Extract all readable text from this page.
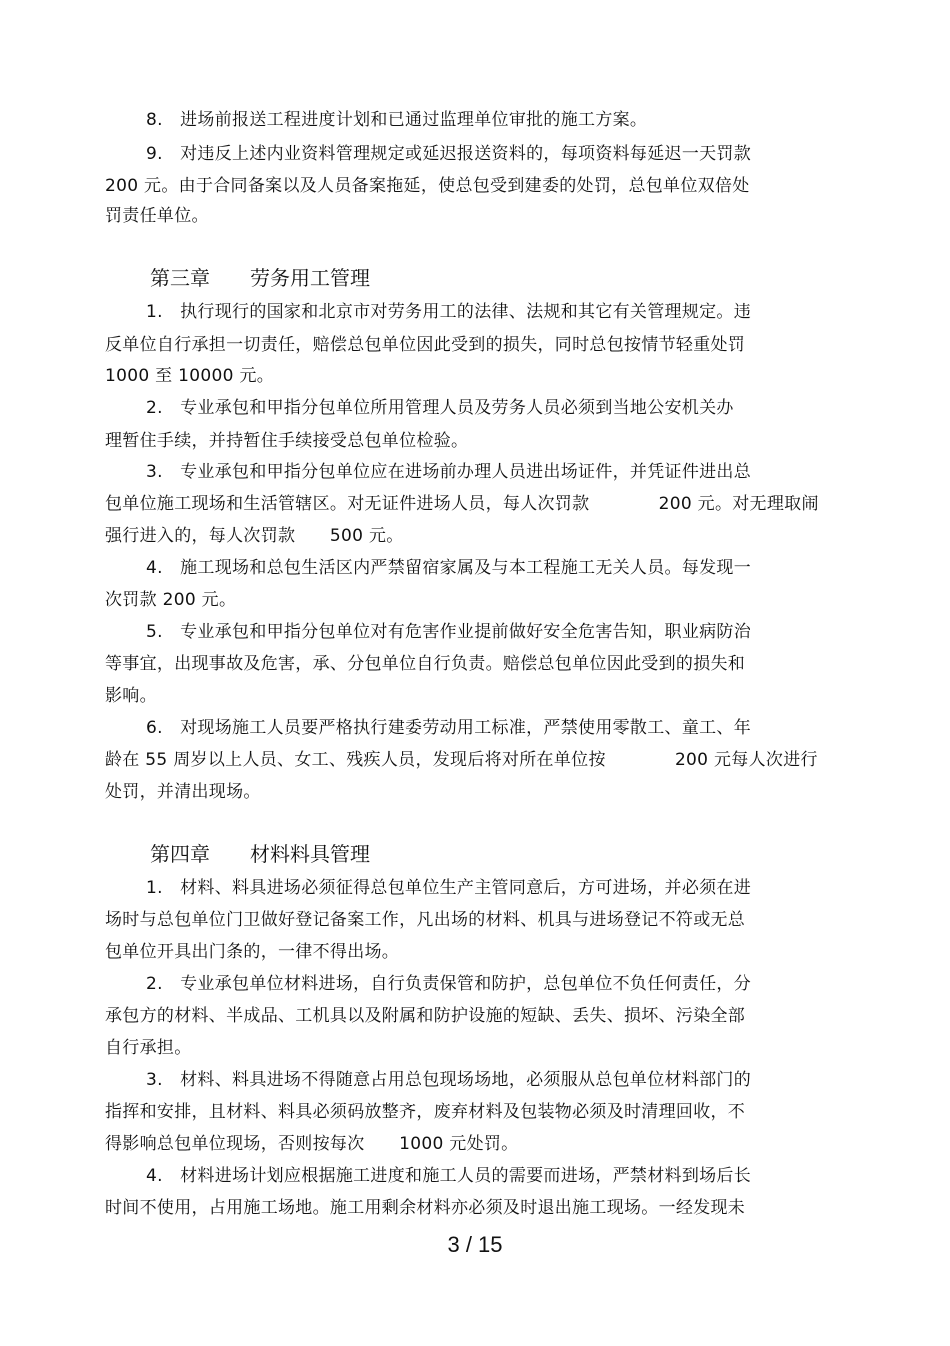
8.　进场前报送工程进度计划和已通过监理单位审批的施工方案。
9.　对违反上述内业资料管理规定或延迟报送资料的，每项资料每延迟一天罚款
200 元。由于合同备案以及人员备案拖延，使总包受到建委的处罚，总包单位双倍处
罚责任单位。
第三章　　劳务用工管理
1.　执行现行的国家和北京市对劳务用工的法律、法规和其它有关管理规定。违
反单位自行承担一切责任，赔偿总包单位因此受到的损失，同时总包按情节轻重处罚
1000 至 10000 元。
2.　专业承包和甲指分包单位所用管理人员及劳务人员必须到当地公安机关办
理暂住手续，并持暂住手续接受总包单位检验。
3.　专业承包和甲指分包单位应在进场前办理人员进出场证件，并凭证件进出总
包单位施工现场和生活管辖区。对无证件进场人员，每人次罚款　　　　200 元。对无理取闹
强行进入的，每人次罚款　　500 元。
4.　施工现场和总包生活区内严禁留宿家属及与本工程施工无关人员。每发现一
次罚款 200 元。
5.　专业承包和甲指分包单位对有危害作业提前做好安全危害告知，职业病防治
等事宜，出现事故及危害，承、分包单位自行负责。赔偿总包单位因此受到的损失和
影响。
6.　对现场施工人员要严格执行建委劳动用工标准，严禁使用零散工、童工、年
龄在 55 周岁以上人员、女工、残疾人员，发现后将对所在单位按　　　　200 元每人次进行
处罚，并清出现场。
第四章　　材料料具管理
1.　材料、料具进场必须征得总包单位生产主管同意后，方可进场，并必须在进
场时与总包单位门卫做好登记备案工作，凡出场的材料、机具与进场登记不符或无总
包单位开具出门条的，一律不得出场。
2.　专业承包单位材料进场，自行负责保管和防护，总包单位不负任何责任，分
承包方的材料、半成品、工机具以及附属和防护设施的短缺、丢失、损坏、污染全部
自行承担。
3.　材料、料具进场不得随意占用总包现场场地，必须服从总包单位材料部门的
指挥和安排，且材料、料具必须码放整齐，废弃材料及包装物必须及时清理回收，不
得影响总包单位现场，否则按每次　　1000 元处罚。
4.　材料进场计划应根据施工进度和施工人员的需要而进场，严禁材料到场后长
时间不使用，占用施工场地。施工用剩余材料亦必须及时退出施工现场。一经发现未
3 / 15
